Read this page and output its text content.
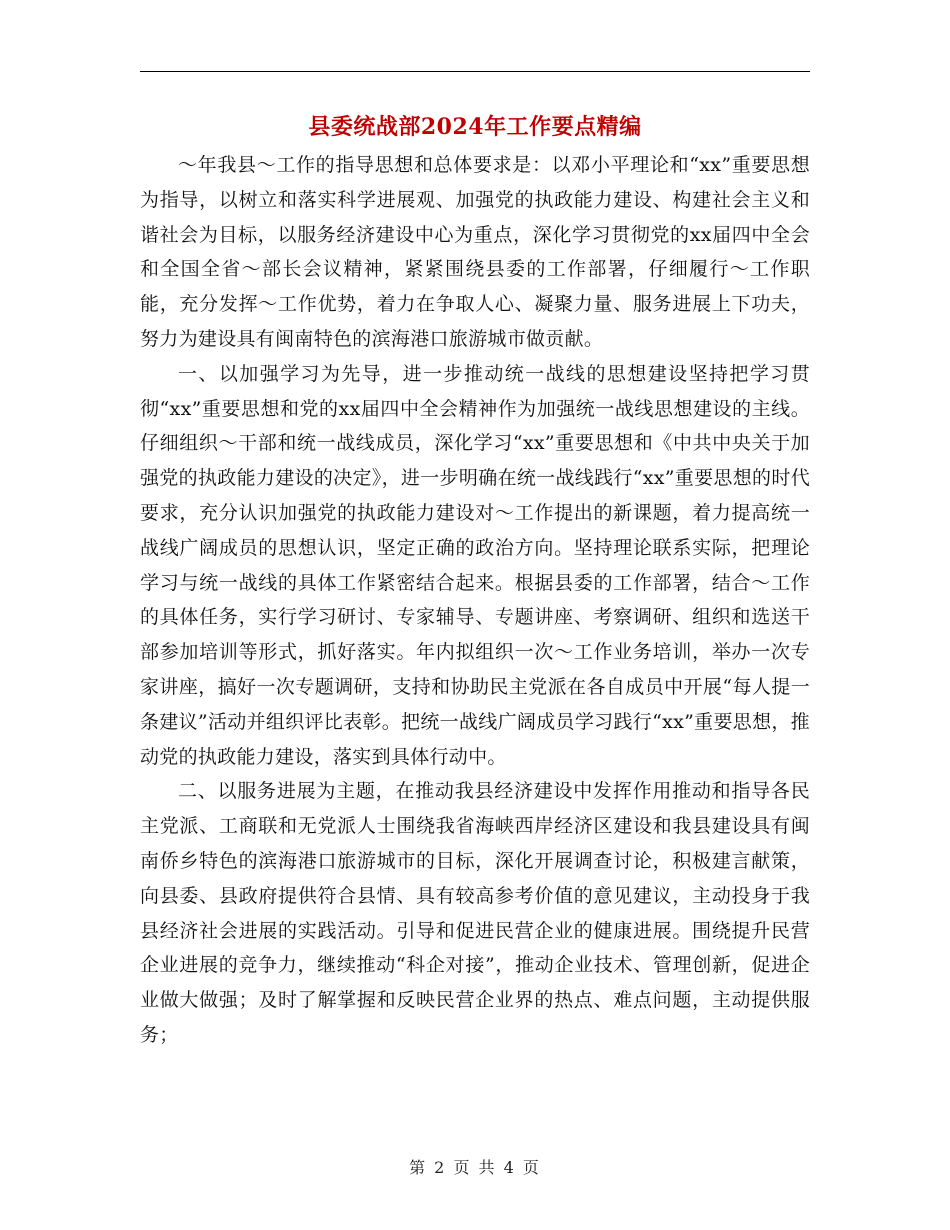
县委统战部2024年工作要点精编

～年我县～工作的指导思想和总体要求是：以邓小平理论和“xx”重要思想为指导，以树立和落实科学进展观、加强党的执政能力建设、构建社会主义和谐社会为目标，以服务经济建设中心为重点，深化学习贯彻党的xx届四中全会和全国全省～部长会议精神，紧紧围绕县委的工作部署，仔细履行～工作职能，充分发挥～工作优势，着力在争取人心、凝聚力量、服务进展上下功夫，努力为建设具有闽南特色的滨海港口旅游城市做贡献。

一、以加强学习为先导，进一步推动统一战线的思想建设坚持把学习贯彻“xx”重要思想和党的xx届四中全会精神作为加强统一战线思想建设的主线。仔细组织～干部和统一战线成员，深化学习“xx”重要思想和《中共中央关于加强党的执政能力建设的决定》，进一步明确在统一战线践行“xx”重要思想的时代要求，充分认识加强党的执政能力建设对～工作提出的新课题，着力提高统一战线广阔成员的思想认识，坚定正确的政治方向。坚持理论联系实际，把理论学习与统一战线的具体工作紧密结合起来。根据县委的工作部署，结合～工作的具体任务，实行学习研讨、专家辅导、专题讲座、考察调研、组织和选送干部参加培训等形式，抓好落实。年内拟组织一次～工作业务培训，举办一次专家讲座，搞好一次专题调研，支持和协助民主党派在各自成员中开展“每人提一条建议”活动并组织评比表彰。把统一战线广阔成员学习践行“xx”重要思想，推动党的执政能力建设，落实到具体行动中。

二、以服务进展为主题，在推动我县经济建设中发挥作用推动和指导各民主党派、工商联和无党派人士围绕我省海峡西岸经济区建设和我县建设具有闽南侨乡特色的滨海港口旅游城市的目标，深化开展调查讨论，积极建言献策，向县委、县政府提供符合县情、具有较高参考价值的意见建议，主动投身于我县经济社会进展的实践活动。引导和促进民营企业的健康进展。围绕提升民营企业进展的竞争力，继续推动“科企对接”，推动企业技术、管理创新，促进企业做大做强；及时了解掌握和反映民营企业界的热点、难点问题，主动提供服务；

第 2 页 共 4 页
